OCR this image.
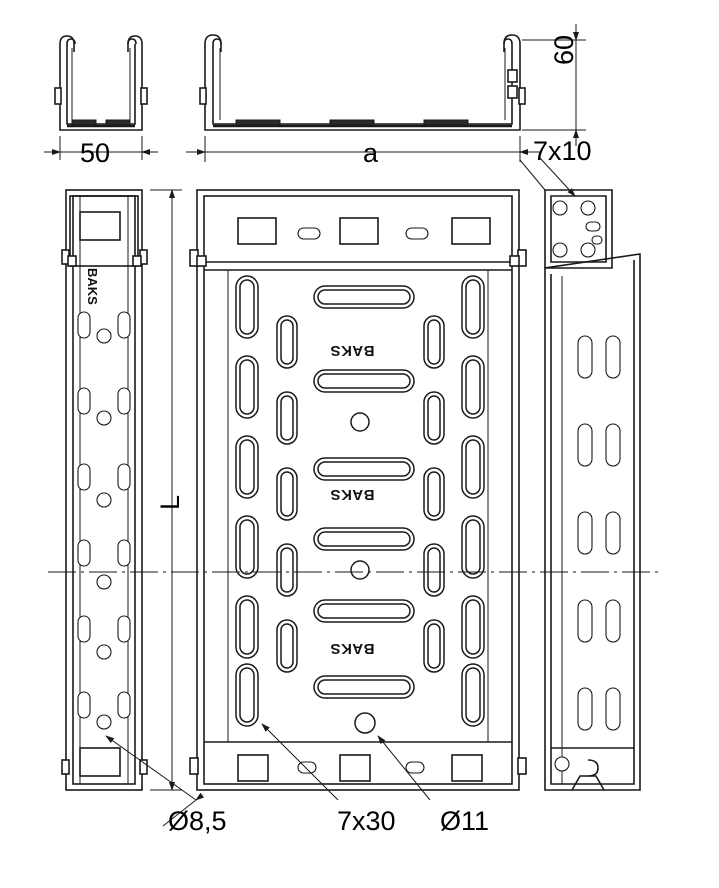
50	a
60
7x10
L
Ø8,5	7x30 Ø11
BAKS
BAKS
BAKS
BAKS
